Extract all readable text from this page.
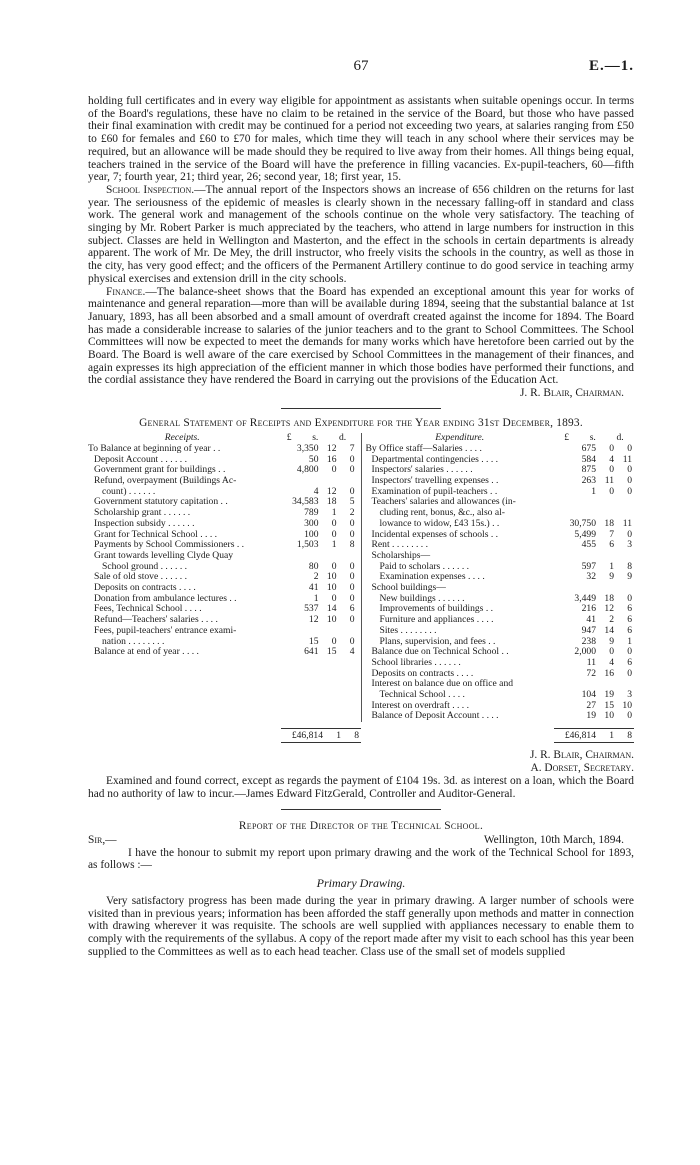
67	E.—1.

holding full certificates and in every way eligible for appointment as assistants when suitable openings occur. In terms of the Board's regulations, these have no claim to be retained in the service of the Board, but those who have passed their final examination with credit may be continued for a period not exceeding two years, at salaries ranging from £50 to £60 for females and £60 to £70 for males, which time they will teach in any school where their services may be required, but an allowance will be made should they be required to live away from their homes. All things being equal, teachers trained in the service of the Board will have the preference in filling vacancies. Ex-pupil-teachers, 60—fifth year, 7; fourth year, 21; third year, 26; second year, 18; first year, 15.

School Inspection.—The annual report of the Inspectors shows an increase of 656 children on the returns for last year. The seriousness of the epidemic of measles is clearly shown in the necessary falling-off in standard and class work. The general work and management of the schools continue on the whole very satisfactory. The teaching of singing by Mr. Robert Parker is much appreciated by the teachers, who attend in large numbers for instruction in this subject. Classes are held in Wellington and Masterton, and the effect in the schools in certain departments is already apparent. The work of Mr. De Mey, the drill instructor, who freely visits the schools in the country, as well as those in the city, has very good effect; and the officers of the Permanent Artillery continue to do good service in teaching army physical exercises and extension drill in the city schools.

Finance.—The balance-sheet shows that the Board has expended an exceptional amount this year for works of maintenance and general reparation—more than will be available during 1894, seeing that the substantial balance at 1st January, 1893, has all been absorbed and a small amount of overdraft created against the income for 1894. The Board has made a considerable increase to salaries of the junior teachers and to the grant to School Committees. The School Committees will now be expected to meet the demands for many works which have heretofore been carried out by the Board. The Board is well aware of the care exercised by School Committees in the management of their finances, and again expresses its high appreciation of the efficient manner in which those bodies have performed their functions, and the cordial assistance they have rendered the Board in carrying out the provisions of the Education Act.

J. R. Blair, Chairman.
General Statement of Receipts and Expenditure for the Year ending 31st December, 1893.
Receipts.	£ s. d.
To Balance at beginning of year . .	3,350 12	7
Deposit Account . . . . . .	50 16	0
Government grant for buildings . .	4,800	0	0
Refund, overpayment (Buildings Ac-
count) . . . . . .	4 12	0
Government statutory capitation . .	34,583 18	5
Scholarship grant . . . . . .	789	1	2
Inspection subsidy . . . . . .	300	0	0
Grant for Technical School . . . .	100	0	0
Payments by School Commissioners . .	1,503	1	8
Grant towards levelling Clyde Quay
School ground . . . . . .	80	0	0
Sale of old stove . . . . . .	2 10	0
Deposits on contracts . . . .	41 10	0
Donation from ambulance lectures . .	1	0	0
Fees, Technical School . . . .	537 14	6
Refund—Teachers' salaries . . . .	12 10	0
Fees, pupil-teachers' entrance exami-
nation . . . . . . . .	15	0	0
Balance at end of year . . . .	641 15	4
Expenditure.	£ s. d.
By Office staff—Salaries . . . .	675	0	0
Departmental contingencies . . . .	584	4 11
Inspectors' salaries . . . . . .	875	0	0
Inspectors' travelling expenses . .	263 11	0
Examination of pupil-teachers . .	1	0	0
Teachers' salaries and allowances (in-
cluding rent, bonus, &c., also al-
lowance to widow, £43 15s.) . .	30,750 18 11
Incidental expenses of schools . .	5,499	7	0
Rent . . . . . . . .	455	6	3
Scholarships—
Paid to scholars . . . . . .	597	1	8
Examination expenses . . . .	32	9	9
School buildings—
New buildings . . . . . .	3,449 18	0
Improvements of buildings . .	216 12	6
Furniture and appliances . . . .	41	2	6
Sites . . . . . . . .	947 14	6
Plans, supervision, and fees . .	238	9	1
Balance due on Technical School . .	2,000	0	0
School libraries . . . . . .	11	4	6
Deposits on contracts . . . .	72 16	0
Interest on balance due on office and
Technical School . . . .	104 19	3
Interest on overdraft . . . .	27 15 10
Balance of Deposit Account . . . .	19 10	0
£46,814	1	8	£46,814	1	8
J. R. Blair, Chairman.
A. Dorset, Secretary.

Examined and found correct, except as regards the payment of £104 19s. 3d. as interest on a loan, which the Board had no authority of law to incur.—James Edward FitzGerald, Controller and Auditor-General.

Report of the Director of the Technical School.
Sir,—	Wellington, 10th March, 1894.

I have the honour to submit my report upon primary drawing and the work of the Technical School for 1893, as follows :—

Primary Drawing.

Very satisfactory progress has been made during the year in primary drawing. A larger number of schools were visited than in previous years; information has been afforded the staff generally upon methods and matter in connection with drawing wherever it was requisite. The schools are well supplied with appliances necessary to enable them to comply with the requirements of the syllabus. A copy of the report made after my visit to each school has this year been supplied to the Committees as well as to each head teacher. Class use of the small set of models supplied
